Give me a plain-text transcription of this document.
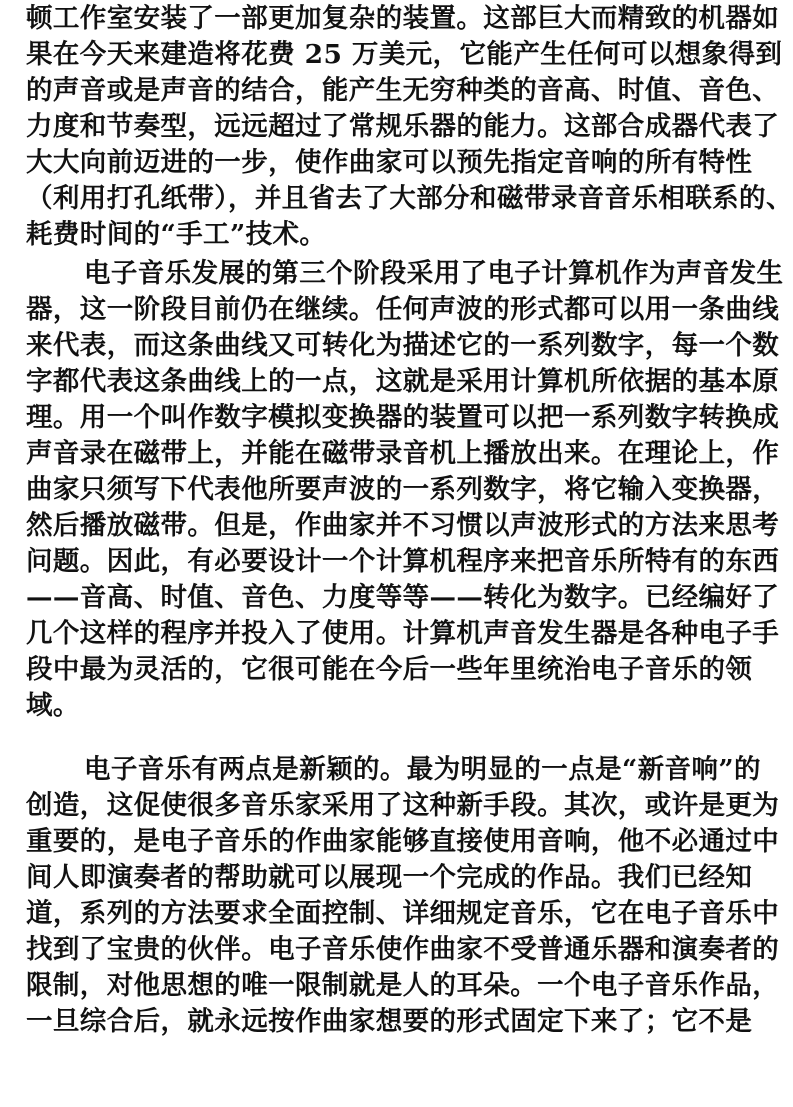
顿工作室安装了一部更加复杂的装置。这部巨大而精致的机器如
果在今天来建造将花费 25 万美元，它能产生任何可以想象得到
的声音或是声音的结合，能产生无穷种类的音高、时值、音色、
力度和节奏型，远远超过了常规乐器的能力。这部合成器代表了
大大向前迈进的一步，使作曲家可以预先指定音响的所有特性
（利用打孔纸带），并且省去了大部分和磁带录音音乐相联系的、
耗费时间的“手工”技术。
电子音乐发展的第三个阶段采用了电子计算机作为声音发生
器，这一阶段目前仍在继续。任何声波的形式都可以用一条曲线
来代表，而这条曲线又可转化为描述它的一系列数字，每一个数
字都代表这条曲线上的一点，这就是采用计算机所依据的基本原
理。用一个叫作数字模拟变换器的装置可以把一系列数字转换成
声音录在磁带上，并能在磁带录音机上播放出来。在理论上，作
曲家只须写下代表他所要声波的一系列数字，将它输入变换器，
然后播放磁带。但是，作曲家并不习惯以声波形式的方法来思考
问题。因此，有必要设计一个计算机程序来把音乐所特有的东西
——音高、时值、音色、力度等等——转化为数字。已经编好了
几个这样的程序并投入了使用。计算机声音发生器是各种电子手
段中最为灵活的，它很可能在今后一些年里统治电子音乐的领
域。
电子音乐有两点是新颖的。最为明显的一点是“新音响”的
创造，这促使很多音乐家采用了这种新手段。其次，或许是更为
重要的，是电子音乐的作曲家能够直接使用音响，他不必通过中
间人即演奏者的帮助就可以展现一个完成的作品。我们已经知
道，系列的方法要求全面控制、详细规定音乐，它在电子音乐中
找到了宝贵的伙伴。电子音乐使作曲家不受普通乐器和演奏者的
限制，对他思想的唯一限制就是人的耳朵。一个电子音乐作品，
一旦综合后，就永远按作曲家想要的形式固定下来了；它不是
